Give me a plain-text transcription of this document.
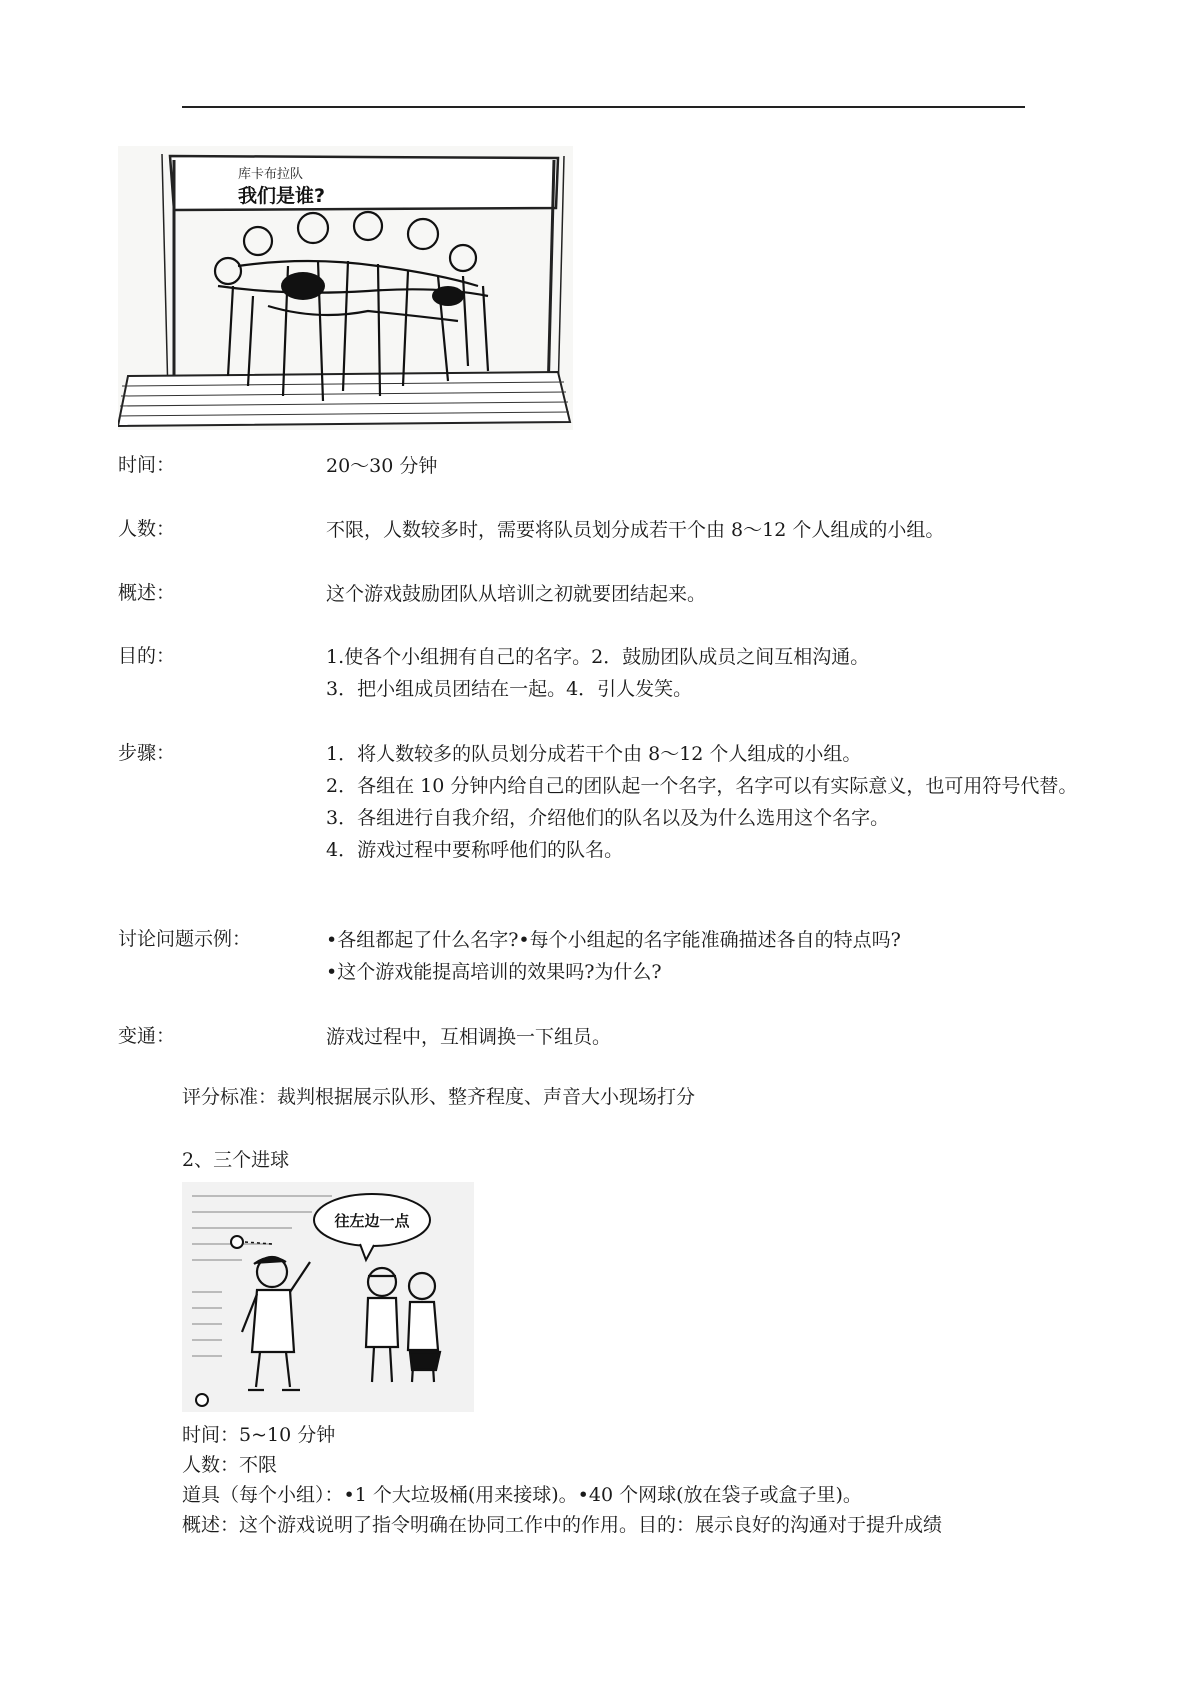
库卡布拉队
我们是谁?
时间：	20～30 分钟

人数：	不限，人数较多时，需要将队员划分成若干个由 8～12 个人组成的小组。

概述：	这个游戏鼓励团队从培训之初就要团结起来。

目的：	1.使各个小组拥有自己的名字。2．鼓励团队成员之间互相沟通。

3．把小组成员团结在一起。4．引人发笑。

步骤：	1．将人数较多的队员划分成若干个由 8～12 个人组成的小组。

2．各组在 10 分钟内给自己的团队起一个名字，名字可以有实际意义，也可用符号代替。

3．各组进行自我介绍，介绍他们的队名以及为什么选用这个名字。

4．游戏过程中要称呼他们的队名。

讨论问题示例：	•各组都起了什么名字?•每个小组起的名字能准确描述各自的特点吗?

•这个游戏能提高培训的效果吗?为什么?

变通：	游戏过程中，互相调换一下组员。

评分标准：裁判根据展示队形、整齐程度、声音大小现场打分
2、三个进球
往左边一点
时间：5~10 分钟
人数：不限
道具（每个小组）：•1 个大垃圾桶(用来接球)。•40 个网球(放在袋子或盒子里)。
概述：这个游戏说明了指令明确在协同工作中的作用。目的：展示良好的沟通对于提升成绩
